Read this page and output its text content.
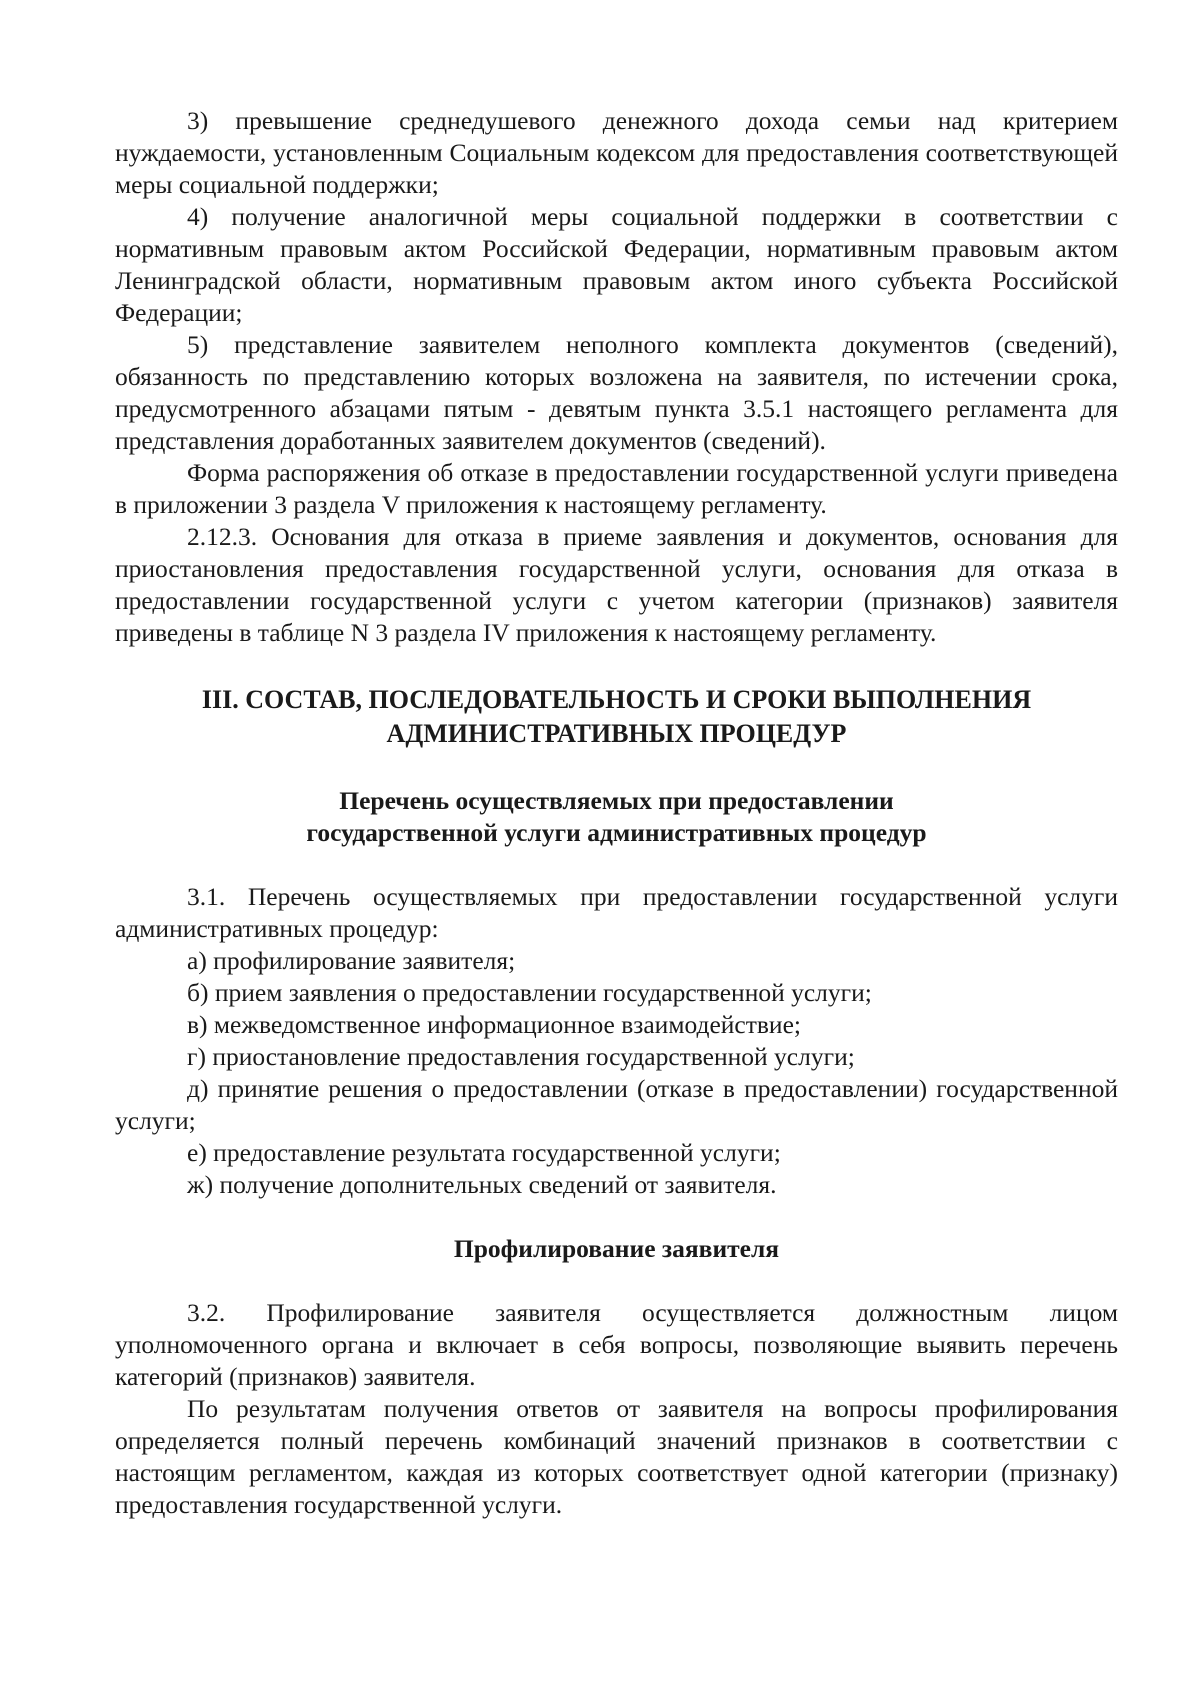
3) превышение среднедушевого денежного дохода семьи над критерием нуждаемости, установленным Социальным кодексом для предоставления соответствующей меры социальной поддержки;

4) получение аналогичной меры социальной поддержки в соответствии с нормативным правовым актом Российской Федерации, нормативным правовым актом Ленинградской области, нормативным правовым актом иного субъекта Российской Федерации;

5) представление заявителем неполного комплекта документов (сведений), обязанность по представлению которых возложена на заявителя, по истечении срока, предусмотренного абзацами пятым - девятым пункта 3.5.1 настоящего регламента для представления доработанных заявителем документов (сведений).

Форма распоряжения об отказе в предоставлении государственной услуги приведена в приложении 3 раздела V приложения к настоящему регламенту.

2.12.3. Основания для отказа в приеме заявления и документов, основания для приостановления предоставления государственной услуги, основания для отказа в предоставлении государственной услуги с учетом категории (признаков) заявителя приведены в таблице N 3 раздела IV приложения к настоящему регламенту.

III. СОСТАВ, ПОСЛЕДОВАТЕЛЬНОСТЬ И СРОКИ ВЫПОЛНЕНИЯ
АДМИНИСТРАТИВНЫХ ПРОЦЕДУР
Перечень осуществляемых при предоставлении
государственной услуги административных процедур

3.1. Перечень осуществляемых при предоставлении государственной услуги административных процедур:

а) профилирование заявителя;

б) прием заявления о предоставлении государственной услуги;

в) межведомственное информационное взаимодействие;

г) приостановление предоставления государственной услуги;

д) принятие решения о предоставлении (отказе в предоставлении) государственной услуги;

е) предоставление результата государственной услуги;

ж) получение дополнительных сведений от заявителя.

Профилирование заявителя

3.2. Профилирование заявителя осуществляется должностным лицом уполномоченного органа и включает в себя вопросы, позволяющие выявить перечень категорий (признаков) заявителя.

По результатам получения ответов от заявителя на вопросы профилирования определяется полный перечень комбинаций значений признаков в соответствии с настоящим регламентом, каждая из которых соответствует одной категории (признаку) предоставления государственной услуги.
